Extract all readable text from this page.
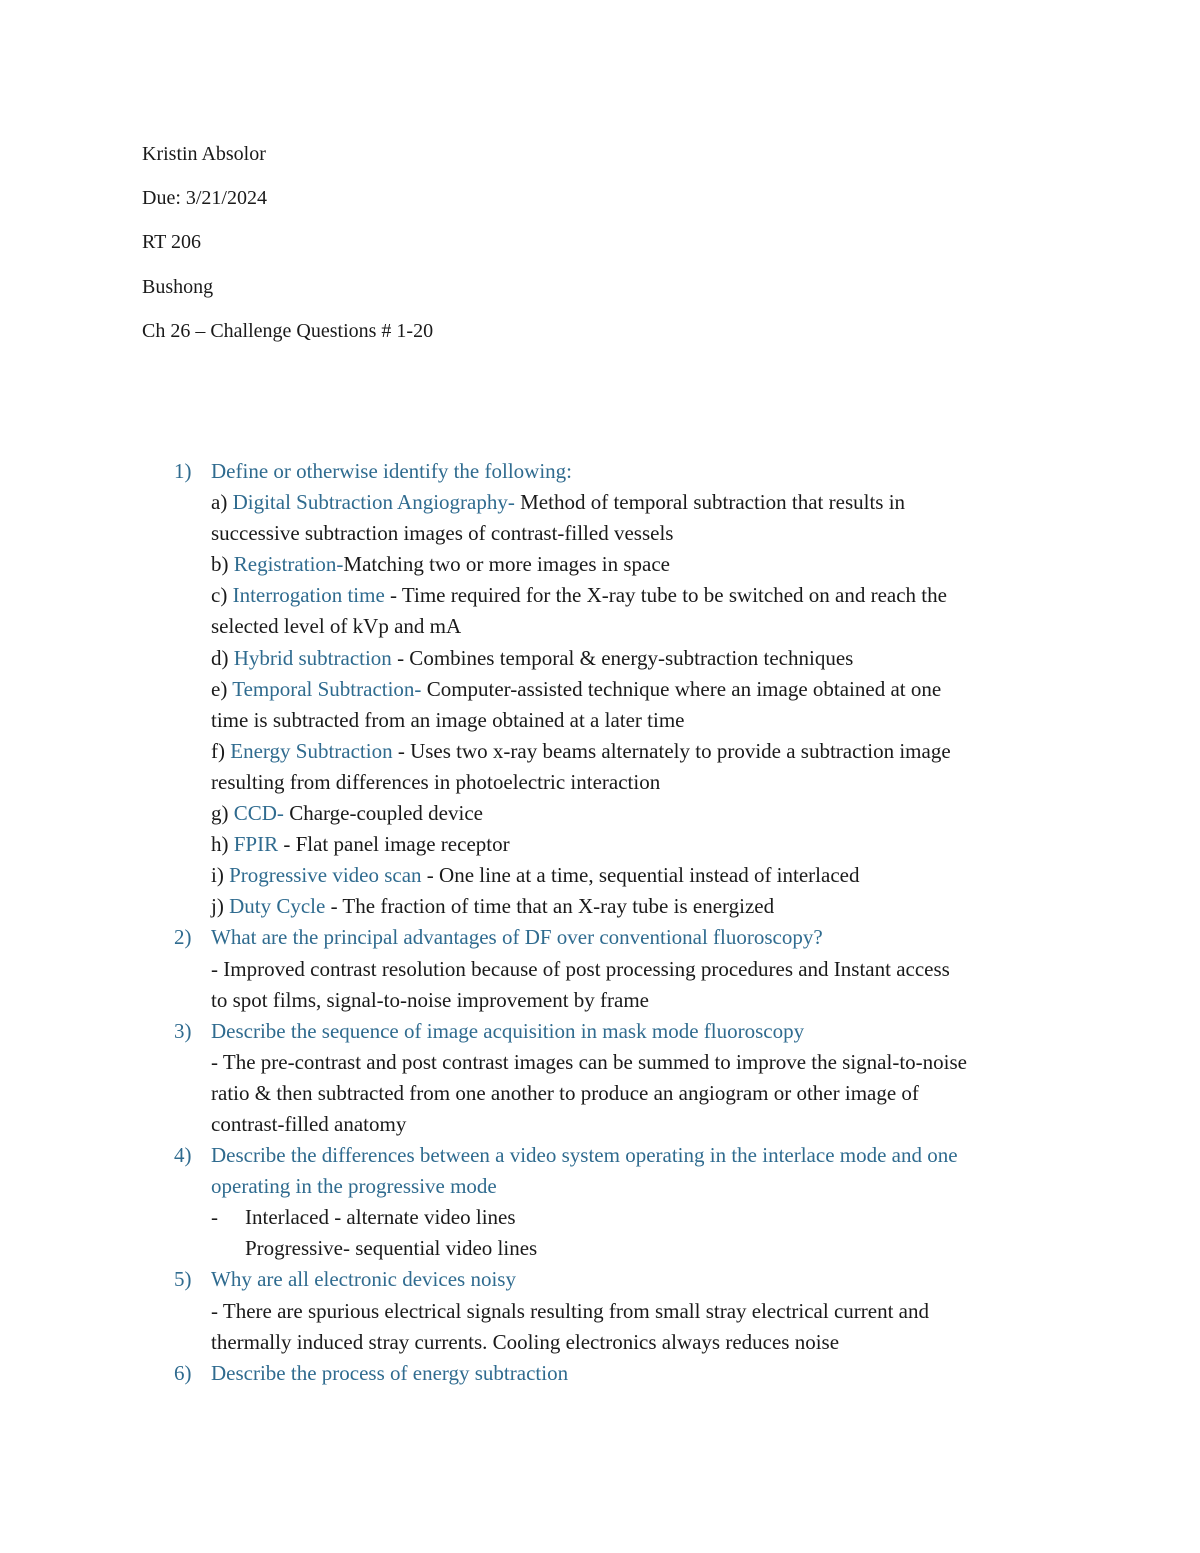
Kristin Absolor
Due: 3/21/2024
RT 206
Bushong
Ch 26 – Challenge Questions # 1-20
1) Define or otherwise identify the following:
a) Digital Subtraction Angiography- Method of temporal subtraction that results in
successive subtraction images of contrast-filled vessels
b) Registration-Matching two or more images in space
c) Interrogation time - Time required for the X-ray tube to be switched on and reach the
selected level of kVp and mA
d) Hybrid subtraction - Combines temporal & energy-subtraction techniques
e) Temporal Subtraction- Computer-assisted technique where an image obtained at one
time is subtracted from an image obtained at a later time
f) Energy Subtraction - Uses two x-ray beams alternately to provide a subtraction image
resulting from differences in photoelectric interaction
g) CCD- Charge-coupled device
h) FPIR - Flat panel image receptor
i) Progressive video scan - One line at a time, sequential instead of interlaced
j) Duty Cycle - The fraction of time that an X-ray tube is energized
2) What are the principal advantages of DF over conventional fluoroscopy?
- Improved contrast resolution because of post processing procedures and Instant access
to spot films, signal-to-noise improvement by frame
3) Describe the sequence of image acquisition in mask mode fluoroscopy
- The pre-contrast and post contrast images can be summed to improve the signal-to-noise
ratio & then subtracted from one another to produce an angiogram or other image of
contrast-filled anatomy
4) Describe the differences between a video system operating in the interlace mode and one
operating in the progressive mode
- Interlaced - alternate video lines
Progressive- sequential video lines
5) Why are all electronic devices noisy
- There are spurious electrical signals resulting from small stray electrical current and
thermally induced stray currents. Cooling electronics always reduces noise
6) Describe the process of energy subtraction
